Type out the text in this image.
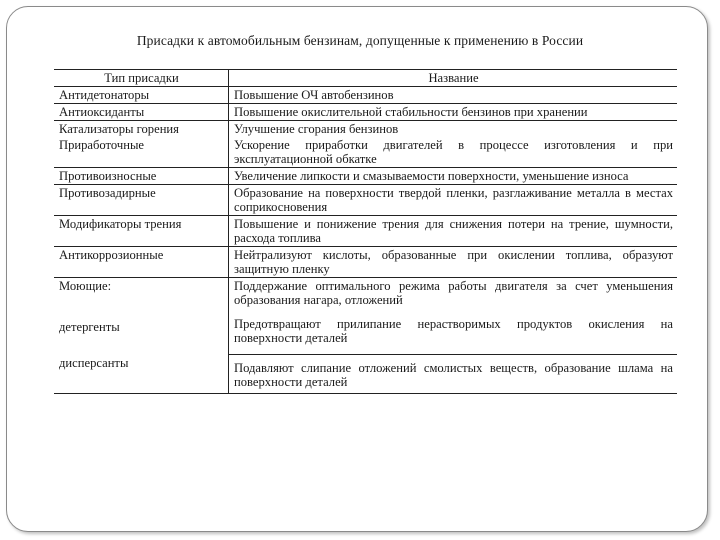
Присадки к автомобильным бензинам, допущенные к применению в России
Тип присадки	Название
Антидетонаторы	Повышение ОЧ автобензинов
Антиоксиданты	Повышение окислительной стабильности бензинов при хранении
Катализаторы горения	Улучшение сгорания бензинов
Приработочные	Ускорение приработки двигателей в процессе изготовления и при эксплуатационной обкатке
Противоизносные	Увеличение липкости и смазываемости поверхности, уменьшение износа
Противозадирные	Образование на поверхности твердой пленки, разглаживание металла в местах соприкосновения
Модификаторы трения	Повышение и понижение трения для снижения потери на трение, шумности, расхода топлива
Антикоррозионные	Нейтрализуют кислоты, образованные при окислении топлива, образуют защитную пленку
Моющие:	Поддержание оптимального режима работы двигателя за счет уменьшения образования нагара, отложений

детергенты	Предотвращают прилипание нерастворимых продуктов окисления на поверхности деталей

дисперсанты	Подавляют слипание отложений смолистых веществ, образование шлама на поверхности деталей
